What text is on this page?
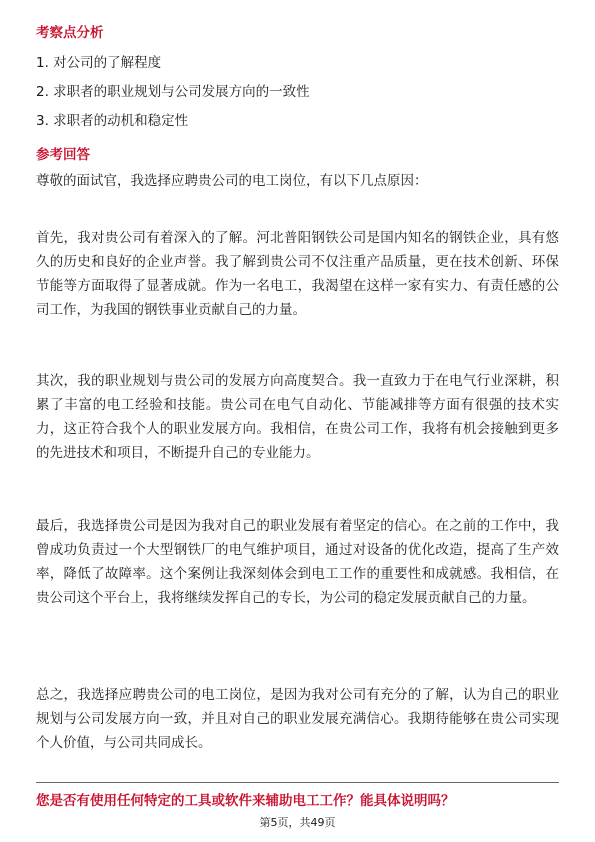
考察点分析
1. 对公司的了解程度
2. 求职者的职业规划与公司发展方向的一致性
3. 求职者的动机和稳定性
参考回答
尊敬的面试官，我选择应聘贵公司的电工岗位，有以下几点原因：
首先，我对贵公司有着深入的了解。河北普阳钢铁公司是国内知名的钢铁企业，具有悠久的历史和良好的企业声誉。我了解到贵公司不仅注重产品质量，更在技术创新、环保节能等方面取得了显著成就。作为一名电工，我渴望在这样一家有实力、有责任感的公司工作，为我国的钢铁事业贡献自己的力量。
其次，我的职业规划与贵公司的发展方向高度契合。我一直致力于在电气行业深耕，积累了丰富的电工经验和技能。贵公司在电气自动化、节能减排等方面有很强的技术实力，这正符合我个人的职业发展方向。我相信，在贵公司工作，我将有机会接触到更多的先进技术和项目，不断提升自己的专业能力。
最后，我选择贵公司是因为我对自己的职业发展有着坚定的信心。在之前的工作中，我曾成功负责过一个大型钢铁厂的电气维护项目，通过对设备的优化改造，提高了生产效率，降低了故障率。这个案例让我深刻体会到电工工作的重要性和成就感。我相信，在贵公司这个平台上，我将继续发挥自己的专长，为公司的稳定发展贡献自己的力量。
总之，我选择应聘贵公司的电工岗位，是因为我对公司有充分的了解，认为自己的职业规划与公司发展方向一致，并且对自己的职业发展充满信心。我期待能够在贵公司实现个人价值，与公司共同成长。
您是否有使用任何特定的工具或软件来辅助电工工作？能具体说明吗？
第5页，共49页
